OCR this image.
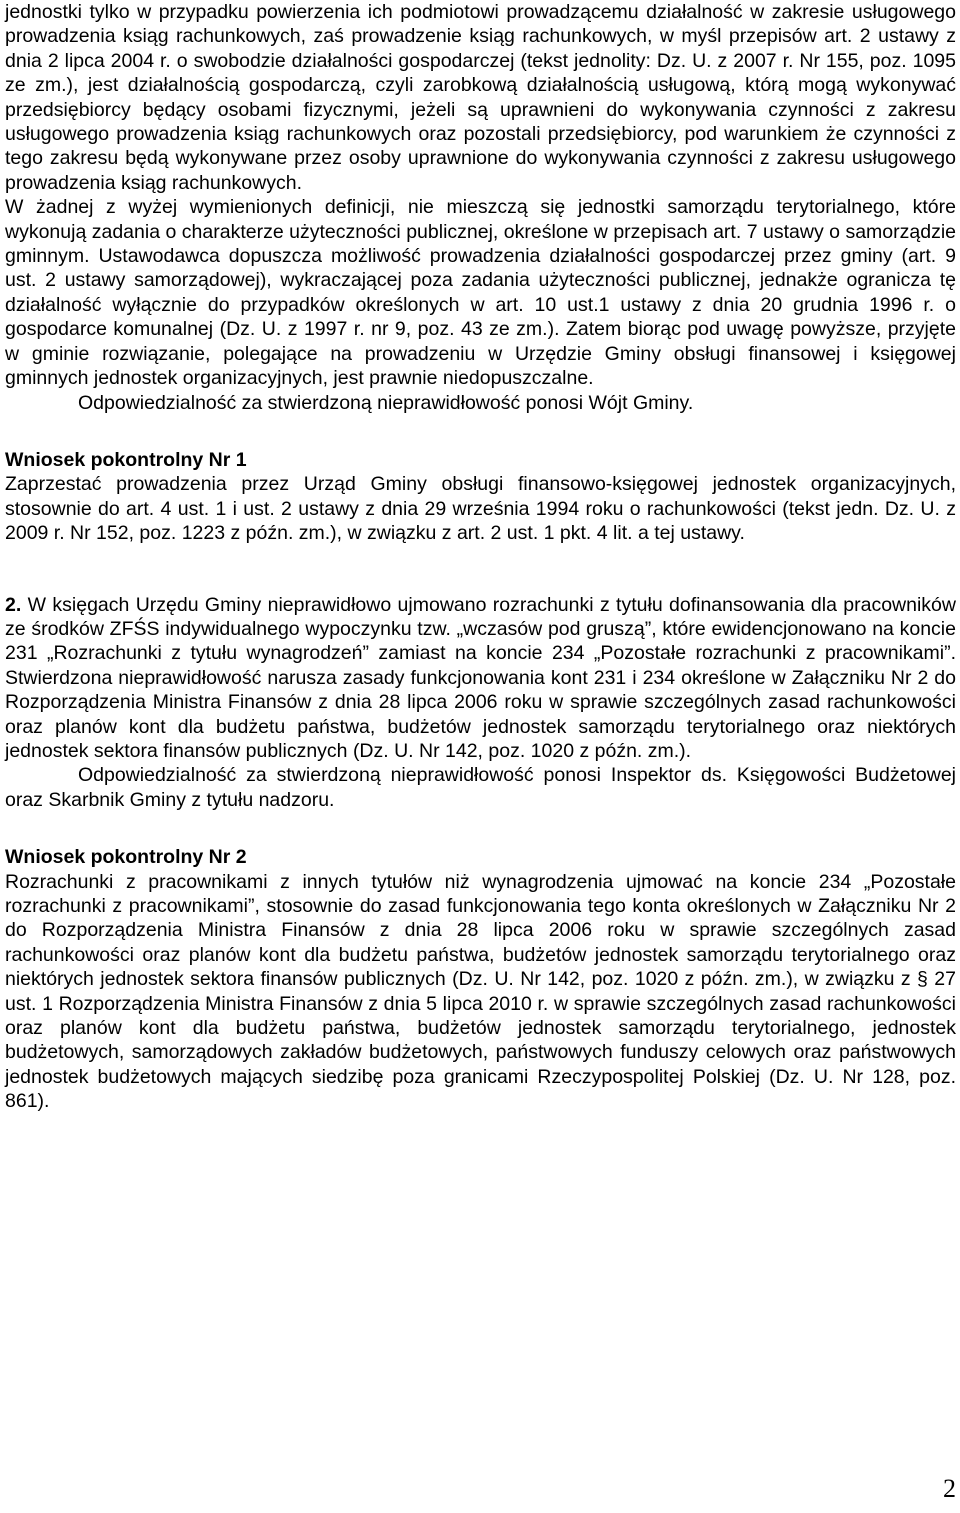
jednostki tylko w przypadku powierzenia ich podmiotowi prowadzącemu działalność w zakresie usługowego prowadzenia ksiąg rachunkowych, zaś prowadzenie ksiąg rachunkowych, w myśl przepisów art. 2 ustawy z dnia 2 lipca 2004 r. o swobodzie działalności gospodarczej (tekst jednolity: Dz. U. z 2007 r. Nr 155, poz. 1095 ze zm.), jest działalnością gospodarczą, czyli zarobkową działalnością usługową, którą mogą wykonywać przedsiębiorcy będący osobami fizycznymi, jeżeli są uprawnieni do wykonywania czynności z zakresu usługowego prowadzenia ksiąg rachunkowych oraz pozostali przedsiębiorcy, pod warunkiem że czynności z tego zakresu będą wykonywane przez osoby uprawnione do wykonywania czynności z zakresu usługowego prowadzenia ksiąg rachunkowych.

W żadnej z wyżej wymienionych definicji, nie mieszczą się jednostki samorządu terytorialnego, które wykonują zadania o charakterze użyteczności publicznej, określone w przepisach art. 7 ustawy o samorządzie gminnym. Ustawodawca dopuszcza możliwość prowadzenia działalności gospodarczej przez gminy (art. 9 ust. 2 ustawy samorządowej), wykraczającej poza zadania użyteczności publicznej, jednakże ogranicza tę działalność wyłącznie do przypadków określonych w art. 10 ust.1 ustawy z dnia 20 grudnia 1996 r. o gospodarce komunalnej (Dz. U. z 1997 r. nr 9, poz. 43 ze zm.). Zatem biorąc pod uwagę powyższe, przyjęte w gminie rozwiązanie, polegające na prowadzeniu w Urzędzie Gminy obsługi finansowej i księgowej gminnych jednostek organizacyjnych, jest prawnie niedopuszczalne.

Odpowiedzialność za stwierdzoną nieprawidłowość ponosi Wójt Gminy.

Wniosek pokontrolny Nr 1

Zaprzestać prowadzenia przez Urząd Gminy obsługi finansowo-księgowej jednostek organizacyjnych, stosownie do art. 4 ust. 1 i ust. 2 ustawy z dnia 29 września 1994 roku o rachunkowości (tekst jedn. Dz. U. z 2009 r. Nr 152, poz. 1223 z późn. zm.), w związku z art. 2 ust. 1 pkt. 4 lit. a tej ustawy.

2. W księgach Urzędu Gminy nieprawidłowo ujmowano rozrachunki z tytułu dofinansowania dla pracowników ze środków ZFŚS indywidualnego wypoczynku tzw. „wczasów pod gruszą”, które ewidencjonowano na koncie 231 „Rozrachunki z tytułu wynagrodzeń” zamiast na koncie 234 „Pozostałe rozrachunki z pracownikami”. Stwierdzona nieprawidłowość narusza zasady funkcjonowania kont 231 i 234 określone w Załączniku Nr 2 do Rozporządzenia Ministra Finansów z dnia 28 lipca 2006 roku w sprawie szczególnych zasad rachunkowości oraz planów kont dla budżetu państwa, budżetów jednostek samorządu terytorialnego oraz niektórych jednostek sektora finansów publicznych (Dz. U. Nr 142, poz. 1020 z późn. zm.).

Odpowiedzialność za stwierdzoną nieprawidłowość ponosi Inspektor ds. Księgowości Budżetowej oraz Skarbnik Gminy z tytułu nadzoru.

Wniosek pokontrolny Nr 2

Rozrachunki z pracownikami z innych tytułów niż wynagrodzenia ujmować na koncie 234 „Pozostałe rozrachunki z pracownikami”, stosownie do zasad funkcjonowania tego konta określonych w Załączniku Nr 2 do Rozporządzenia Ministra Finansów z dnia 28 lipca 2006 roku w sprawie szczególnych zasad rachunkowości oraz planów kont dla budżetu państwa, budżetów jednostek samorządu terytorialnego oraz niektórych jednostek sektora finansów publicznych (Dz. U. Nr 142, poz. 1020 z późn. zm.), w związku z § 27 ust. 1 Rozporządzenia Ministra Finansów z dnia 5 lipca 2010 r. w sprawie szczególnych zasad rachunkowości oraz planów kont dla budżetu państwa, budżetów jednostek samorządu terytorialnego, jednostek budżetowych, samorządowych zakładów budżetowych, państwowych funduszy celowych oraz państwowych jednostek budżetowych mających siedzibę poza granicami Rzeczypospolitej Polskiej (Dz. U. Nr 128, poz. 861).

2
